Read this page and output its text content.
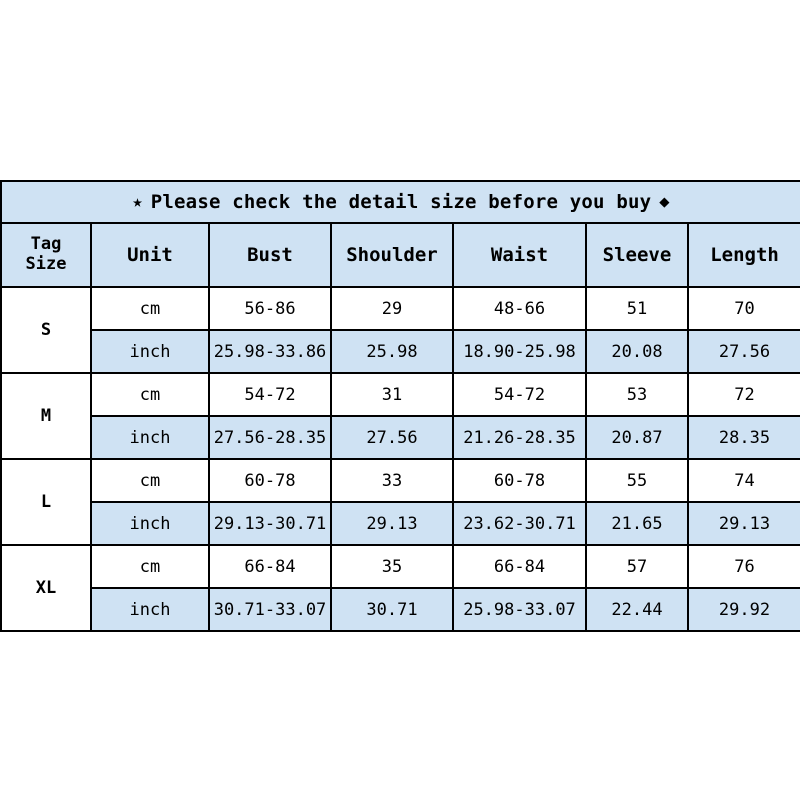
★ Please check the detail size before you buy ◆						

Tag
Size	Unit	Bust	Shoulder	Waist	Sleeve	Length
S	cm	56-86	29	48-66	51	70
	inch	25.98-33.86	25.98	18.90-25.98	20.08	27.56
M	cm	54-72	31	54-72	53	72
	inch	27.56-28.35	27.56	21.26-28.35	20.87	28.35
L	cm	60-78	33	60-78	55	74
	inch	29.13-30.71	29.13	23.62-30.71	21.65	29.13
XL	cm	66-84	35	66-84	57	76
	inch	30.71-33.07	30.71	25.98-33.07	22.44	29.92
